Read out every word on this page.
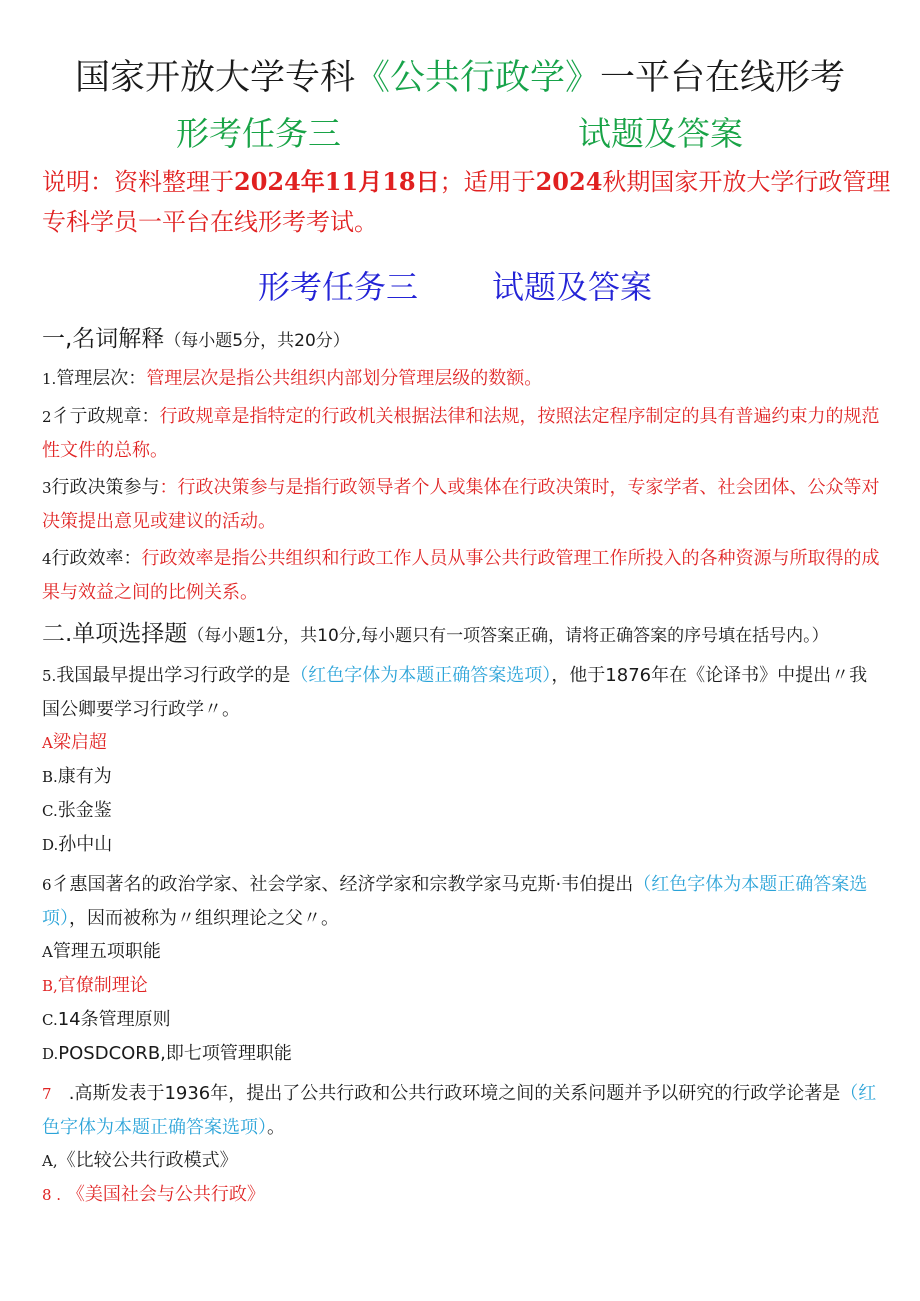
国家开放大学专科《公共行政学》一平台在线形考
形考任务三	试题及答案
说明：资料整理于2024年11月18日；适用于2024秋期国家开放大学行政管理专科学员一平台在线形考考试。
形考任务三 试题及答案
一,名词解释（每小题5分，共20分）
1.管理层次：管理层次是指公共组织内部划分管理层级的数额。
2彳亍政规章：行政规章是指特定的行政机关根据法律和法规，按照法定程序制定的具有普遍约束力的规范性文件的总称。
3行政决策参与：行政决策参与是指行政领导者个人或集体在行政决策时，专家学者、社会团体、公众等对决策提出意见或建议的活动。
4行政效率：行政效率是指公共组织和行政工作人员从事公共行政管理工作所投入的各种资源与所取得的成果与效益之间的比例关系。
二.单项选择题（每小题1分，共10分,每小题只有一项答案正确，请将正确答案的序号填在括号内。）
5.我国最早提出学习行政学的是（红色字体为本题正确答案选项），他于1876年在《论译书》中提出〃我国公卿要学习行政学〃。
A梁启超
B.康有为
C.张金鉴
D.孙中山
6彳惠国著名的政治学家、社会学家、经济学家和宗教学家马克斯·韦伯提出（红色字体为本题正确答案选项），因而被称为〃组织理论之父〃。
A管理五项职能
B,官僚制理论
C.14条管理原则
D.POSDCORB,即七项管理职能
7 .高斯发表于1936年，提出了公共行政和公共行政环境之间的关系问题并予以研究的行政学论著是（红色字体为本题正确答案选项）。
A,《比较公共行政模式》
8 . 《美国社会与公共行政》
